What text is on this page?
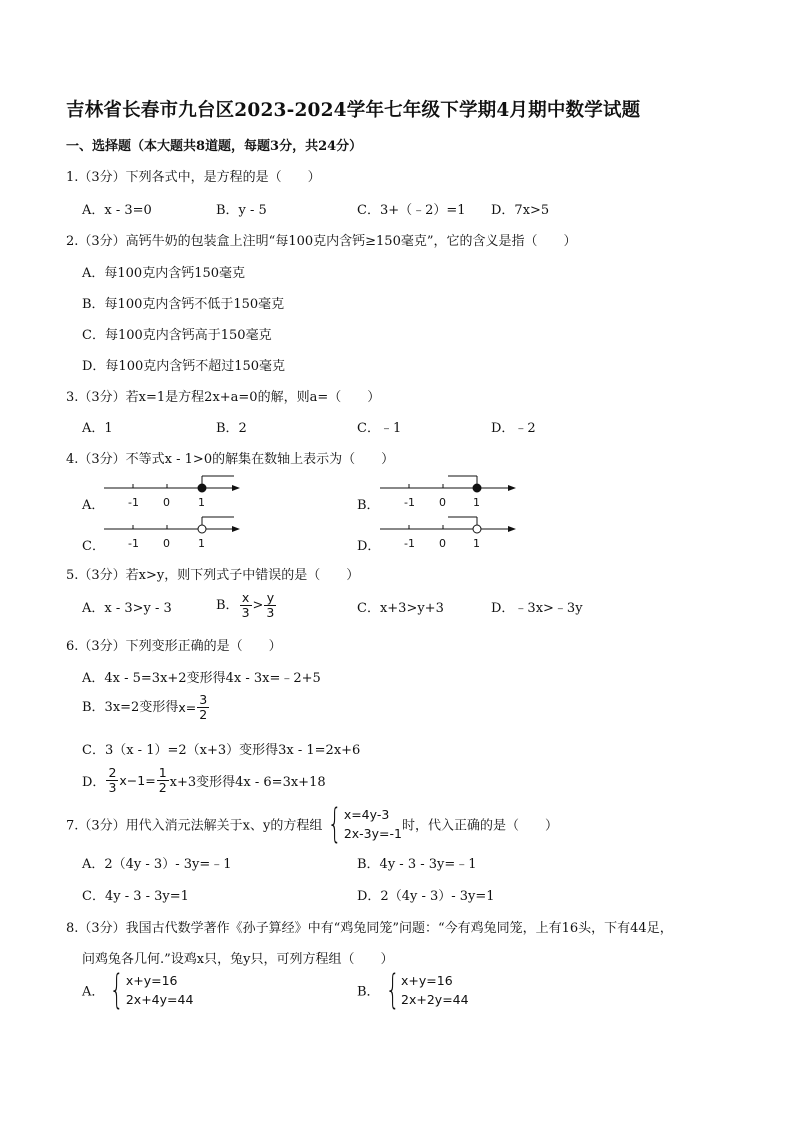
吉林省长春市九台区2023-2024学年七年级下学期4月期中数学试题
一、选择题（本大题共8道题，每题3分，共24分）
1.（3分）下列各式中，是方程的是（　　）
A．x - 3=0	B．y - 5	C．3+（﹣2）=1 D．7x>5
2.（3分）高钙牛奶的包装盒上注明“每100克内含钙≥150毫克”，它的含义是指（　　）
A．每100克内含钙150毫克
B．每100克内含钙不低于150毫克
C．每100克内含钙高于150毫克
D．每100克内含钙不超过150毫克
3.（3分）若x=1是方程2x+a=0的解，则a=（　　）
A．1	B．2	C．﹣1	D．﹣2
4.（3分）不等式x - 1>0的解集在数轴上表示为（　　）
A． -1 0	1	B． -1 0 1
C． -1 0	1	D． -1 0 1
5.（3分）若x>y，则下列式子中错误的是（　　）
A．x - 3>y - 3	B． $\frac{x}{3} > \frac{y}{3}$	C．x+3>y+3	D．﹣3x>﹣3y
6.（3分）下列变形正确的是（　　）
A．4x - 5=3x+2变形得4x - 3x=﹣2+5
B．3x=2变形得$x= \frac{3}{2}$
C．3（x - 1）=2（x+3）变形得3x - 1=2x+6
D． $\frac{2}{3} x-1= \frac{1}{2} x+3$变形得4x - 6=3x+18
7.（3分）用代入消元法解关于x、y的方程组 { x=4y-3
2x-3y=-1 时，代入正确的是（　　）
A．2（4y - 3）- 3y=﹣1	B．4y - 3 - 3y=﹣1
C．4y - 3 - 3y=1	D．2（4y - 3）- 3y=1
8.（3分）我国古代数学著作《孙子算经》中有“鸡兔同笼”问题：“今有鸡兔同笼，上有16头，下有44足，
问鸡兔各几何.”设鸡x只，兔y只，可列方程组（　　）
A． { x+y=16
2x+4y=44	B． { x+y=16
2x+2y=44
